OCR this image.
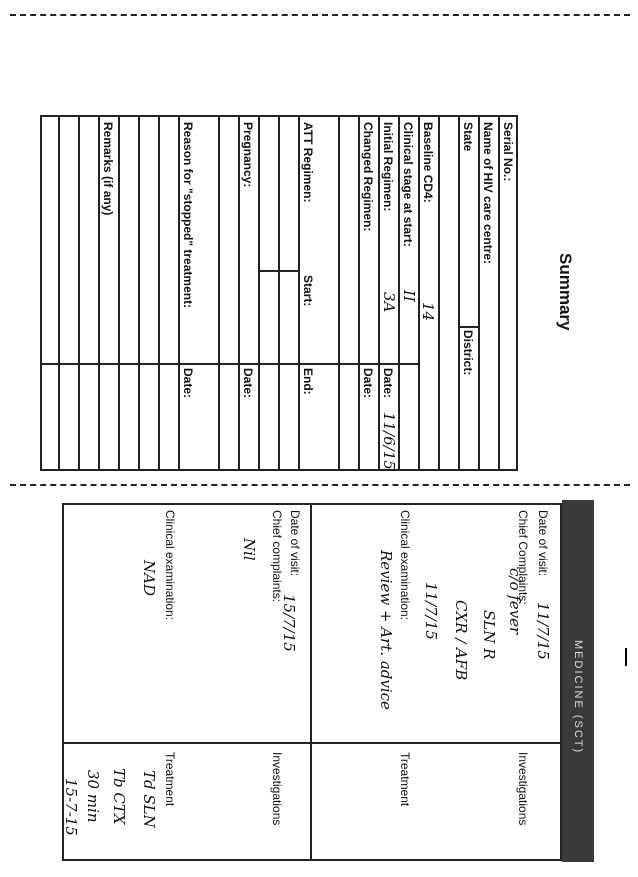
Summary
Serial No.:
Name of HIV care centre:
State
District:
Baseline CD4:
Clinical stage at start:
Initial Regimen:
Date:
Changed Regimen:
Date:
ATT Regimen:
Start:
End:
Pregnancy:
Date:
Reason for "stopped" treatment:
Date:
Remarks (if any)
14
II
3A
11/6/15
MEDICINE (SCT)
Date of visit:
Chief Complaints:
Clinical examination:
Investigations
Treatment
Date of visit:
Chief complaints:
Clinical examination:
Investigations
Treatment
11/7/15
c/o fever
SLN R
CXR / AFB
11/7/15
Review + Art. advice
15/7/15
Nil
NAD
Td SLN
Tb CTX
30 min
15-7-15
